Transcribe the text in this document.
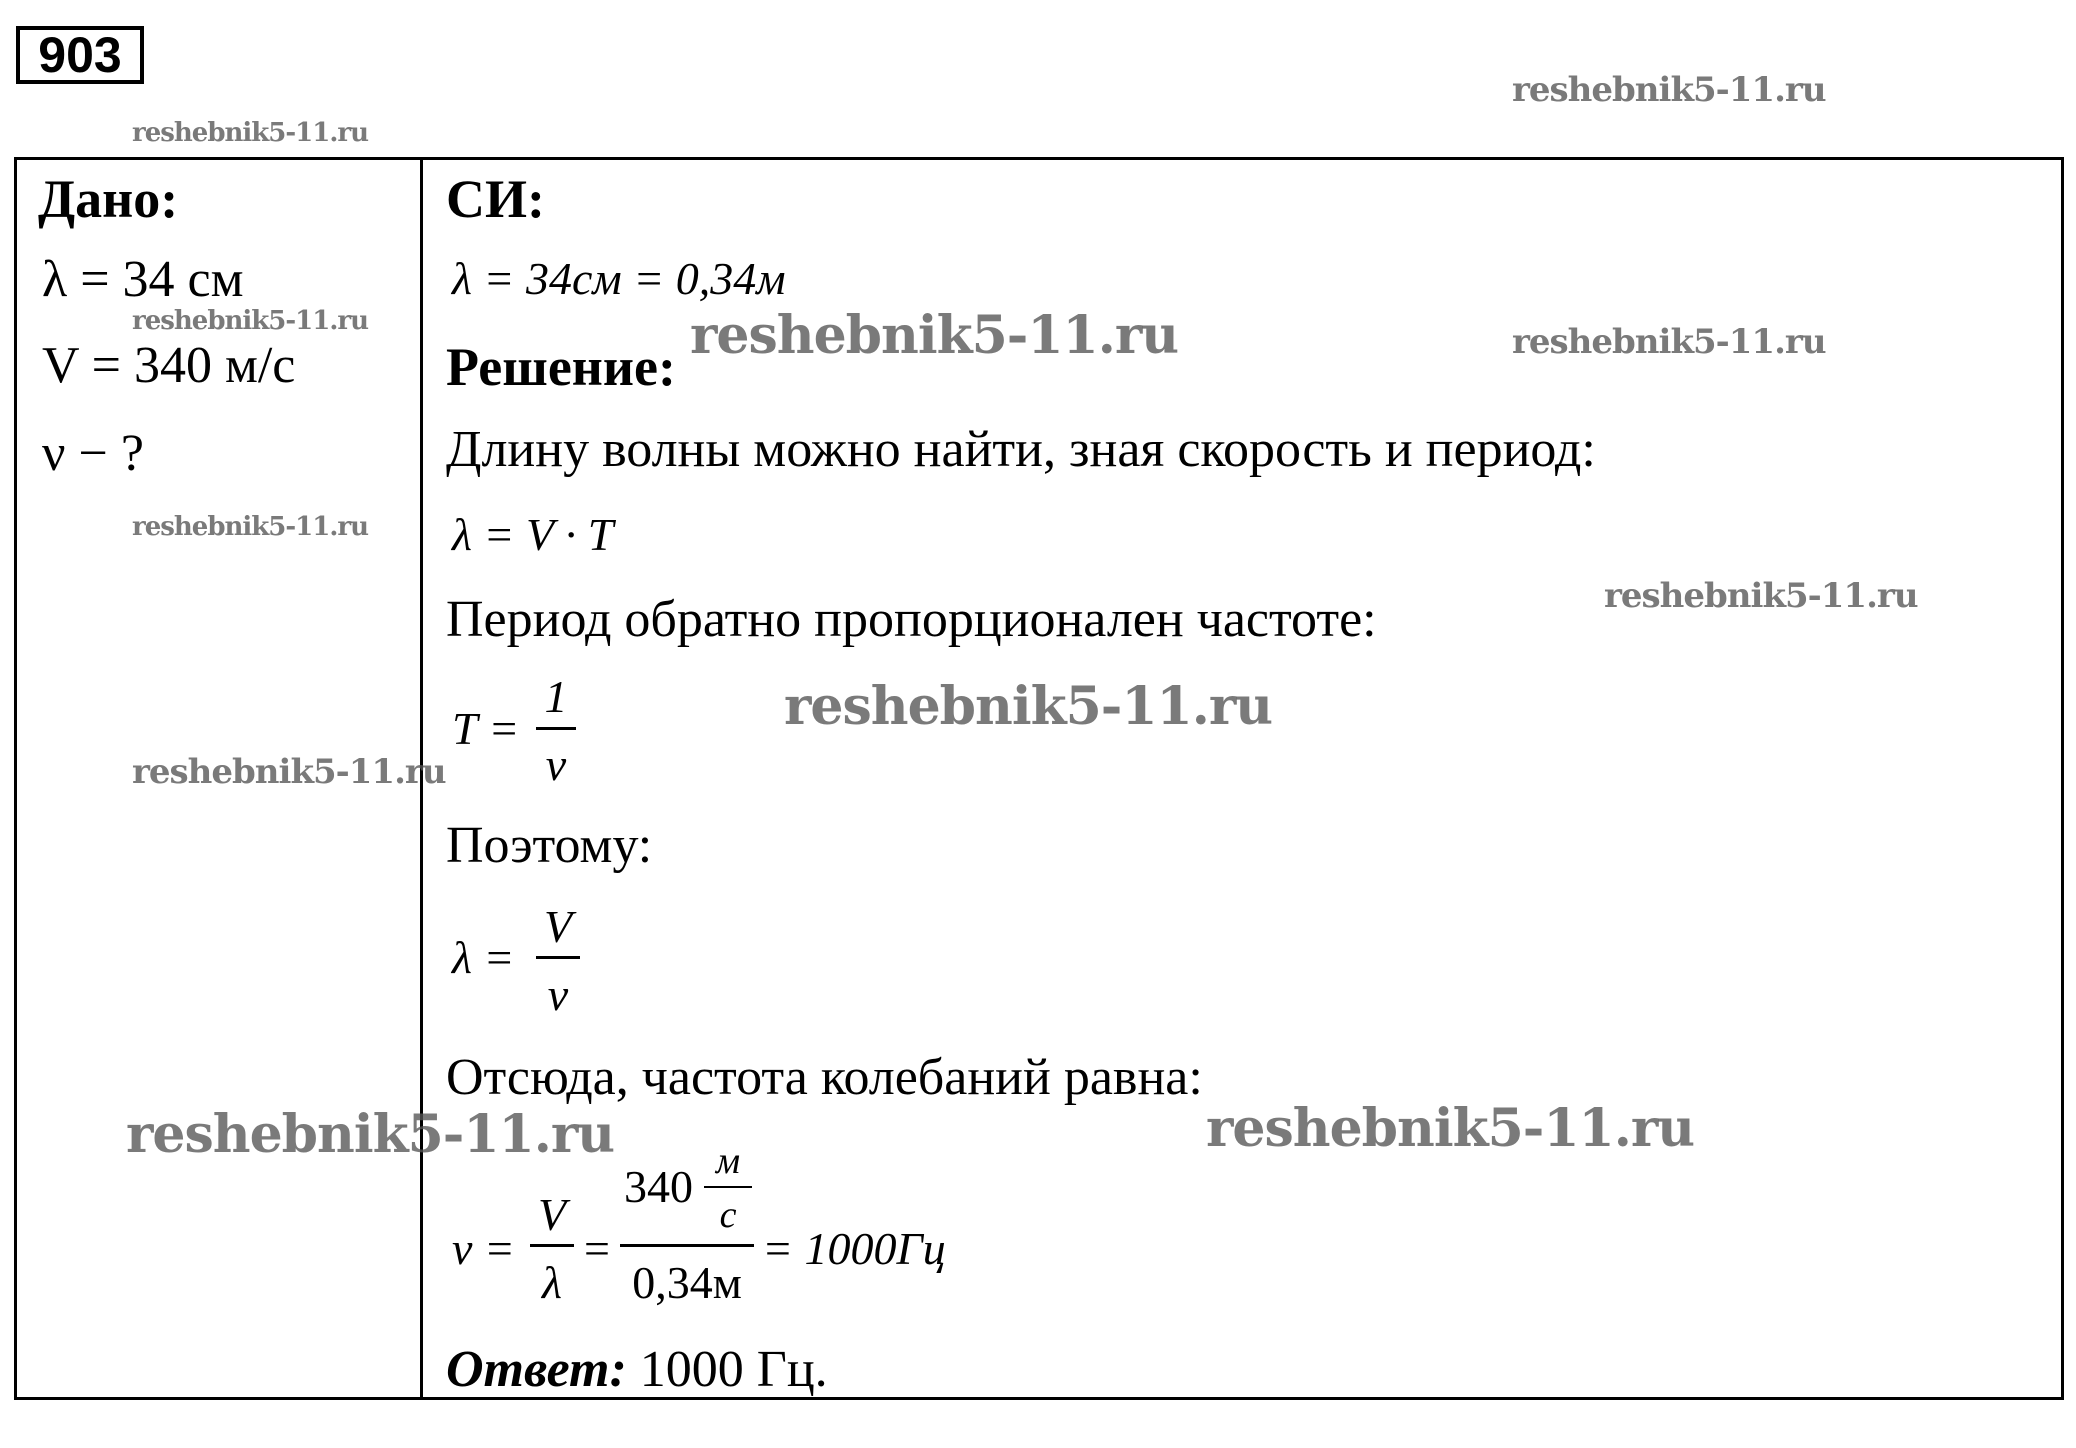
903
Дано:
λ = 34 см
V = 340 м/с
ν − ?
СИ:
λ = 34см = 0,34м
Решение:
Длину волны можно найти, зная скорость и период:
λ = V · T
Период обратно пропорционален частоте:
T =
1
ν
Поэтому:
λ =
V
ν
Отсюда, частота колебаний равна:
ν =
V
λ
=
340 м
с
0,34м
= 1000Гц
Ответ: 1000 Гц.
reshebnik5-11.ru
reshebnik5-11.ru
reshebnik5-11.ru	reshebnik5-11.ru	reshebnik5-11.ru
reshebnik5-11.ru
reshebnik5-11.ru
reshebnik5-11.ru
reshebnik5-11.ru
reshebnik5-11.ru	reshebnik5-11.ru
